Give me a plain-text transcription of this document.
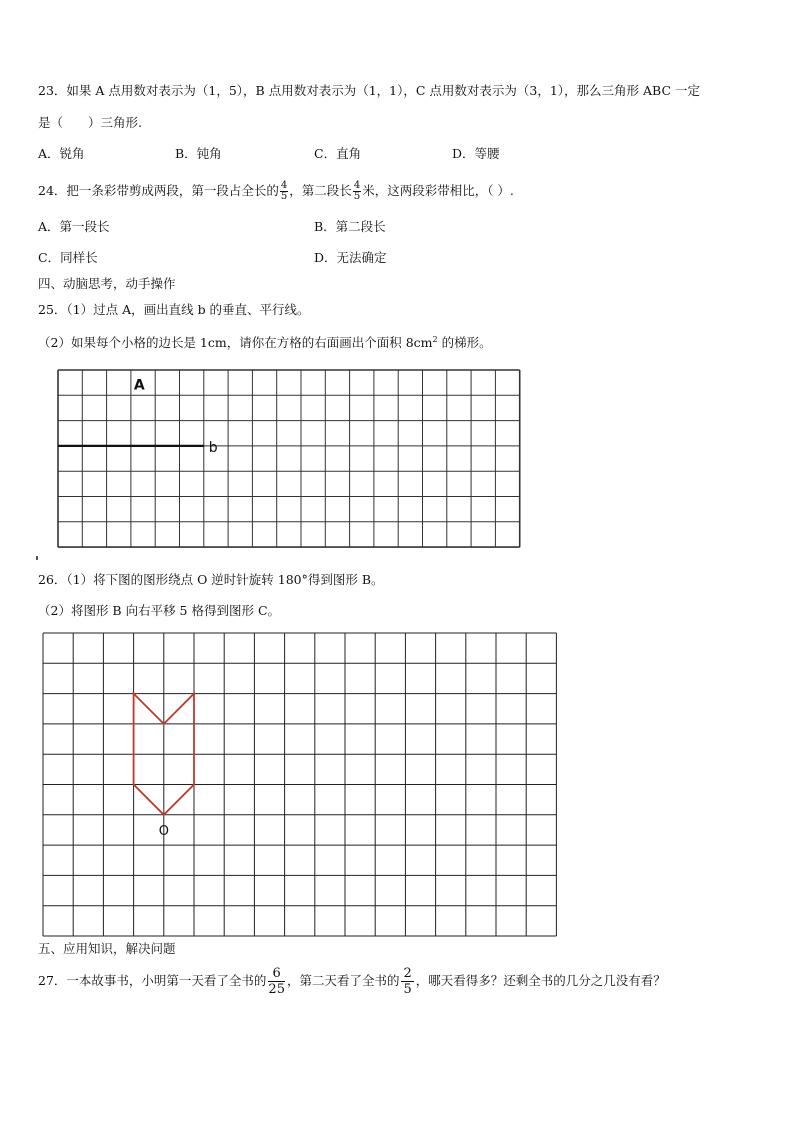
23．如果 A 点用数对表示为（1，5），B 点用数对表示为（1，1），C 点用数对表示为（3，1），那么三角形 ABC 一定
是（　　）三角形.
A．锐角	B．钝角	C．直角	D．等腰
24．把一条彩带剪成两段，第一段占全长的 $\frac{4}{5}$ ，第二段长 $\frac{4}{5}$ 米，这两段彩带相比，（ ）.
A．第一段长	B．第二段长
C．同样长	D．无法确定
四、动脑思考，动手操作
25．（1）过点 A，画出直线 b 的垂直、平行线。
（2）如果每个小格的边长是 1cm，请你在方格的右面画出个面积 $8cm^2$ 的梯形。
b
A
26．（1）将下图的图形绕点 O 逆时针旋转 180°得到图形 B。
（2）将图形 B 向右平移 5 格得到图形 C。
O
五、应用知识，解决问题
27．一本故事书，小明第一天看了全书的 $\frac{6}{25}$ ，第二天看了全书的 $\frac{2}{5}$ ，哪天看得多？还剩全书的几分之几没有看？
